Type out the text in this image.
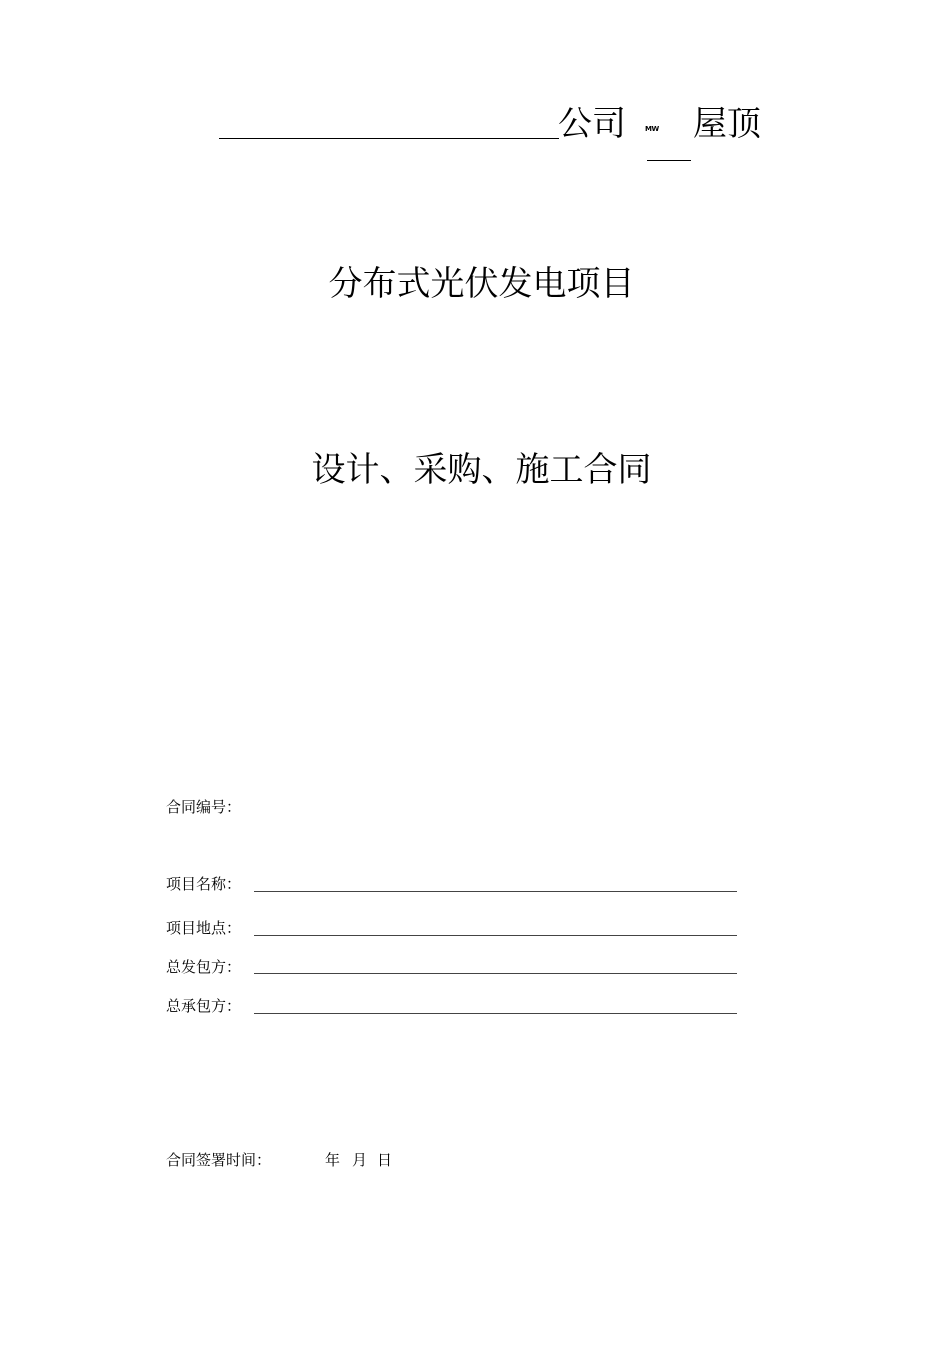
公司	MW 屋顶
分布式光伏发电项目
设计、采购、施工合同
合同编号：
项目名称：
项目地点：
总发包方：
总承包方：
合同签署时间：	年 月 日
